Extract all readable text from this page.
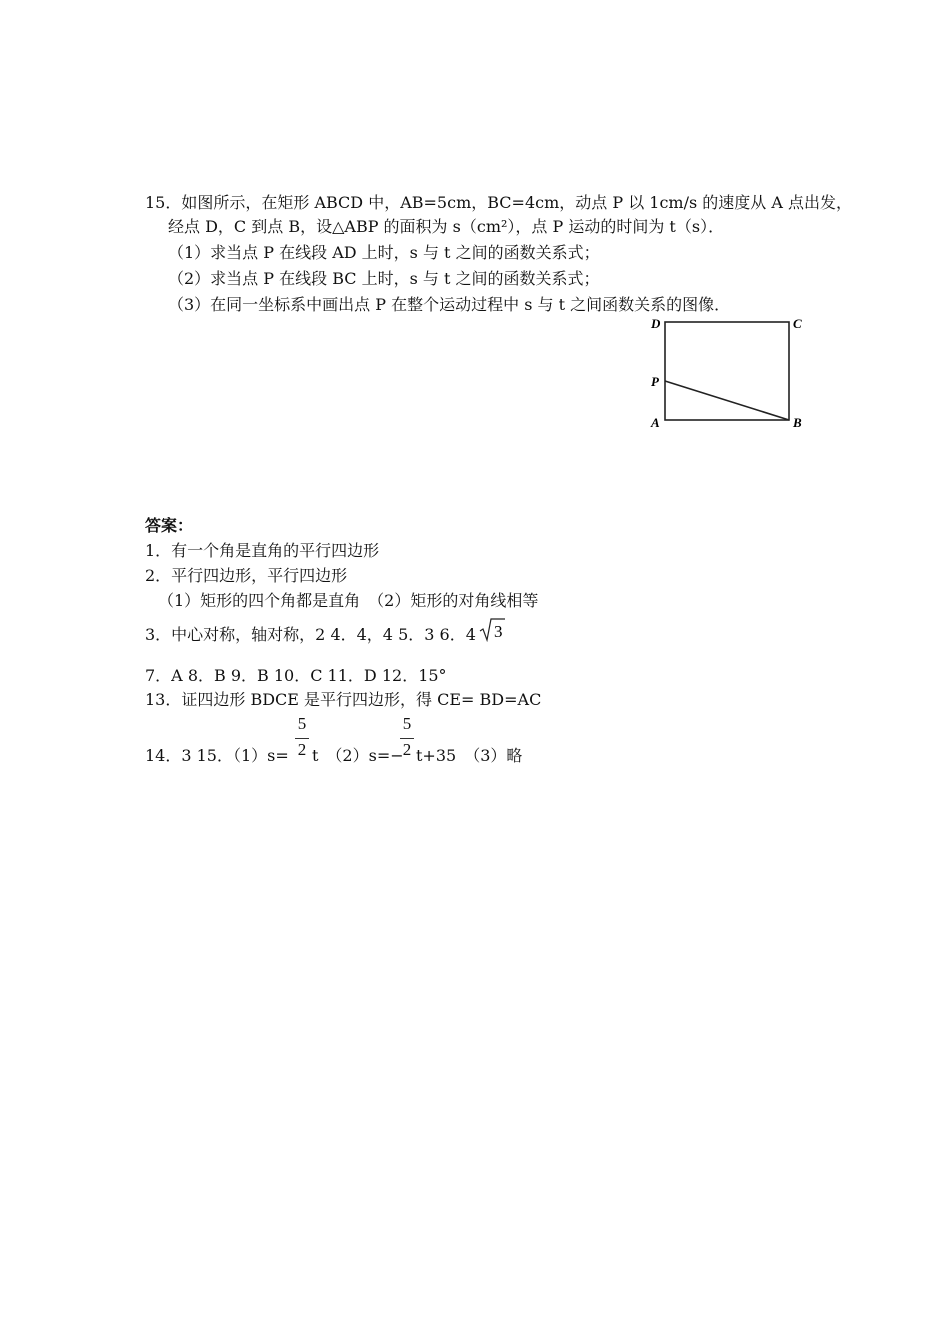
15．如图所示，在矩形 ABCD 中，AB=5cm，BC=4cm，动点 P 以 1cm/s 的速度从 A 点出发，
经点 D，C 到点 B，设△ABP 的面积为 s（cm²），点 P 运动的时间为 t（s）．
（1）求当点 P 在线段 AD 上时，s 与 t 之间的函数关系式；
（2）求当点 P 在线段 BC 上时，s 与 t 之间的函数关系式；
（3）在同一坐标系中画出点 P 在整个运动过程中 s 与 t 之间函数关系的图像．
D	C
P
A	B
答案：
1．有一个角是直角的平行四边形
2．平行四边形，平行四边形
（1）矩形的四个角都是直角　（2）矩形的对角线相等
3．中心对称，轴对称，2 4．4，4 5．3 6．4 3
7．A 8．B 9．B 10．C 11．D 12．15°
13．证四边形 BDCE 是平行四边形，得 CE= BD=AC
14．3 15．（1）s=
5
2 t　（2）s=−
5
2 t+35　（3）略
